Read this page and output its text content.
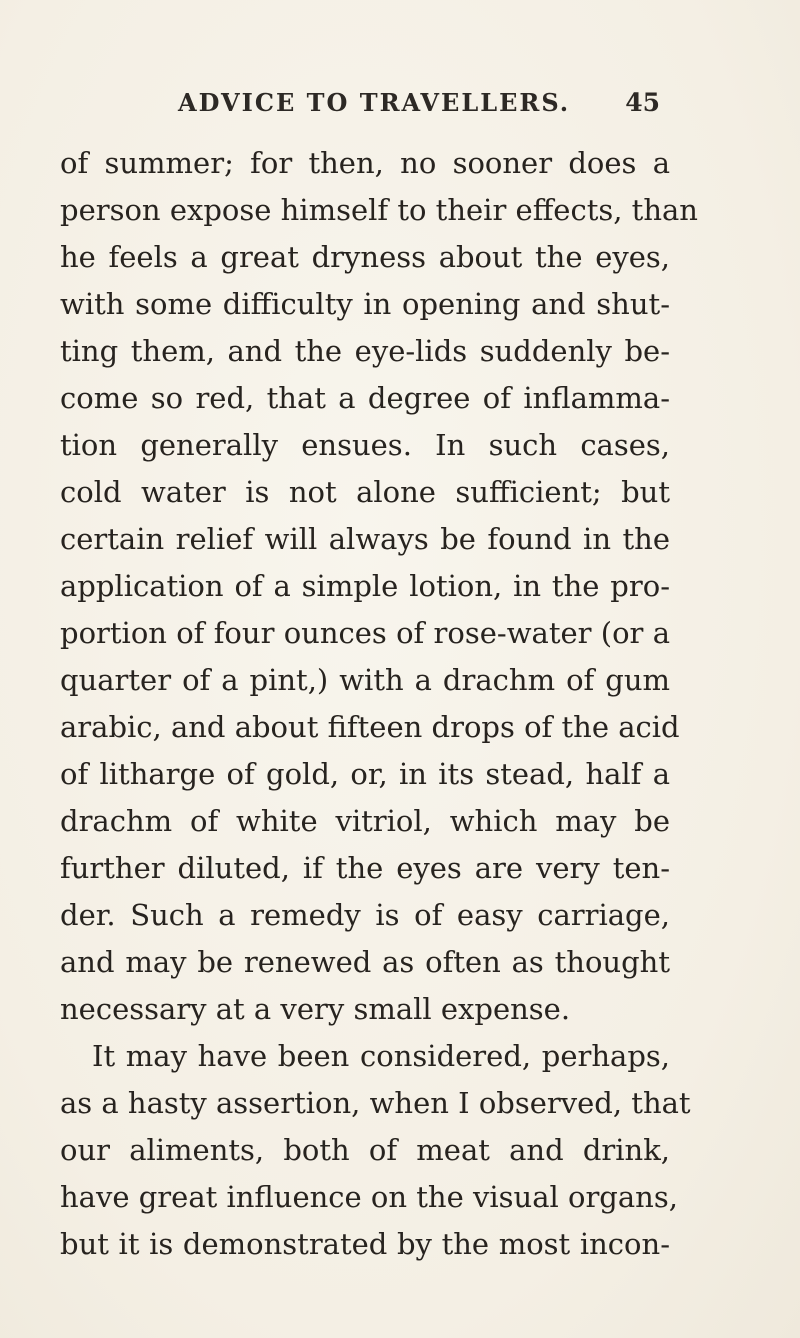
ADVICE TO TRAVELLERS. 45
of summer; for then, no sooner does a
person expose himself to their effects, than
he feels a great dryness about the eyes,
with some difficulty in opening and shut-
ting them, and the eye-lids suddenly be-
come so red, that a degree of inflamma-
tion generally ensues. In such cases,
cold water is not alone sufficient; but
certain relief will always be found in the
application of a simple lotion, in the pro-
portion of four ounces of rose-water (or a
quarter of a pint,) with a drachm of gum
arabic, and about fifteen drops of the acid
of litharge of gold, or, in its stead, half a
drachm of white vitriol, which may be
further diluted, if the eyes are very ten-
der. Such a remedy is of easy carriage,
and may be renewed as often as thought
necessary at a very small expense.
It may have been considered, perhaps,
as a hasty assertion, when I observed, that
our aliments, both of meat and drink,
have great influence on the visual organs,
but it is demonstrated by the most incon-
